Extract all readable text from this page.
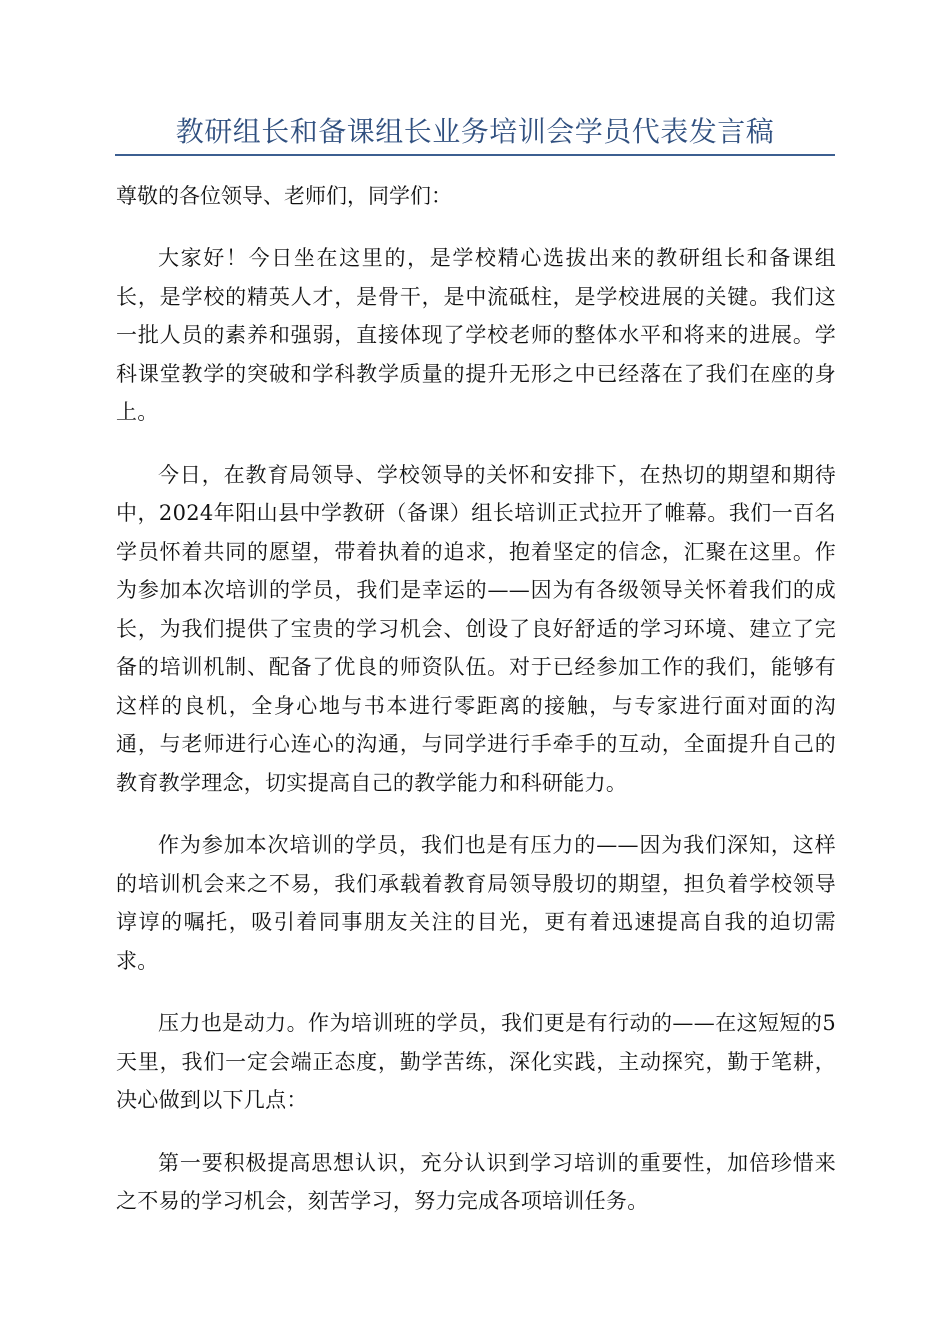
教研组长和备课组长业务培训会学员代表发言稿

尊敬的各位领导、老师们，同学们：

大家好！今日坐在这里的，是学校精心选拔出来的教研组长和备课组长，是学校的精英人才，是骨干，是中流砥柱，是学校进展的关键。我们这一批人员的素养和强弱，直接体现了学校老师的整体水平和将来的进展。学科课堂教学的突破和学科教学质量的提升无形之中已经落在了我们在座的身上。

今日，在教育局领导、学校领导的关怀和安排下，在热切的期望和期待中，2024年阳山县中学教研（备课）组长培训正式拉开了帷幕。我们一百名学员怀着共同的愿望，带着执着的追求，抱着坚定的信念，汇聚在这里。作为参加本次培训的学员，我们是幸运的——因为有各级领导关怀着我们的成长，为我们提供了宝贵的学习机会、创设了良好舒适的学习环境、建立了完备的培训机制、配备了优良的师资队伍。对于已经参加工作的我们，能够有这样的良机，全身心地与书本进行零距离的接触，与专家进行面对面的沟通，与老师进行心连心的沟通，与同学进行手牵手的互动，全面提升自己的教育教学理念，切实提高自己的教学能力和科研能力。

作为参加本次培训的学员，我们也是有压力的——因为我们深知，这样的培训机会来之不易，我们承载着教育局领导殷切的期望，担负着学校领导谆谆的嘱托，吸引着同事朋友关注的目光，更有着迅速提高自我的迫切需求。

压力也是动力。作为培训班的学员，我们更是有行动的——在这短短的5天里，我们一定会端正态度，勤学苦练，深化实践，主动探究，勤于笔耕，决心做到以下几点：

第一要积极提高思想认识，充分认识到学习培训的重要性，加倍珍惜来之不易的学习机会，刻苦学习，努力完成各项培训任务。
